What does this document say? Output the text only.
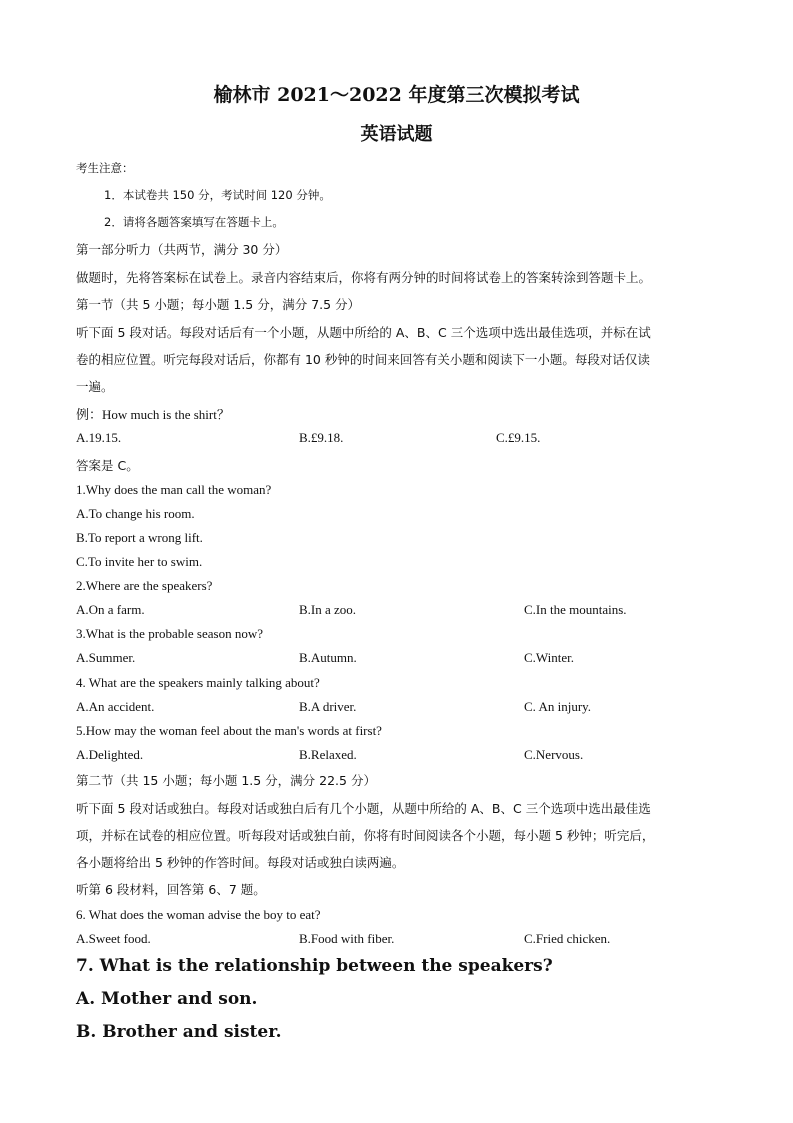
榆林市 2021～2022 年度第三次模拟考试
英语试题
考生注意：
1．本试卷共 150 分，考试时间 120 分钟。
2．请将各题答案填写在答题卡上。
第一部分听力（共两节，满分 30 分）
做题时，先将答案标在试卷上。录音内容结束后，你将有两分钟的时间将试卷上的答案转涂到答题卡上。
第一节（共 5 小题；每小题 1.5 分，满分 7.5 分）
听下面 5 段对话。每段对话后有一个小题，从题中所给的 A、B、C 三个选项中选出最佳选项，并标在试
卷的相应位置。听完每段对话后，你都有 10 秒钟的时间来回答有关小题和阅读下一小题。每段对话仅读
一遍。
例：How much is the shirt？
A.19.15.	B.£9.18.	C.£9.15.
答案是 C。
1.Why does the man call the woman?
A.To change his room.
B.To report a wrong lift.
C.To invite her to swim.
2.Where are the speakers?
A.On a farm.	B.In a zoo.	C.In the mountains.
3.What is the probable season now?
A.Summer.	B.Autumn.	C.Winter.
4. What are the speakers mainly talking about?
A.An accident.	B.A driver.	C. An injury.
5.How may the woman feel about the man's words at first?
A.Delighted.	B.Relaxed.	C.Nervous.
第二节（共 15 小题；每小题 1.5 分，满分 22.5 分）
听下面 5 段对话或独白。每段对话或独白后有几个小题，从题中所给的 A、B、C 三个选项中选出最佳选
项，并标在试卷的相应位置。听每段对话或独白前，你将有时间阅读各个小题，每小题 5 秒钟；听完后，
各小题将给出 5 秒钟的作答时间。每段对话或独白读两遍。
听第 6 段材料，回答第 6、7 题。
6. What does the woman advise the boy to eat?
A.Sweet food.	B.Food with fiber.	C.Fried chicken.
7. What is the relationship between the speakers?
A. Mother and son.
B. Brother and sister.
